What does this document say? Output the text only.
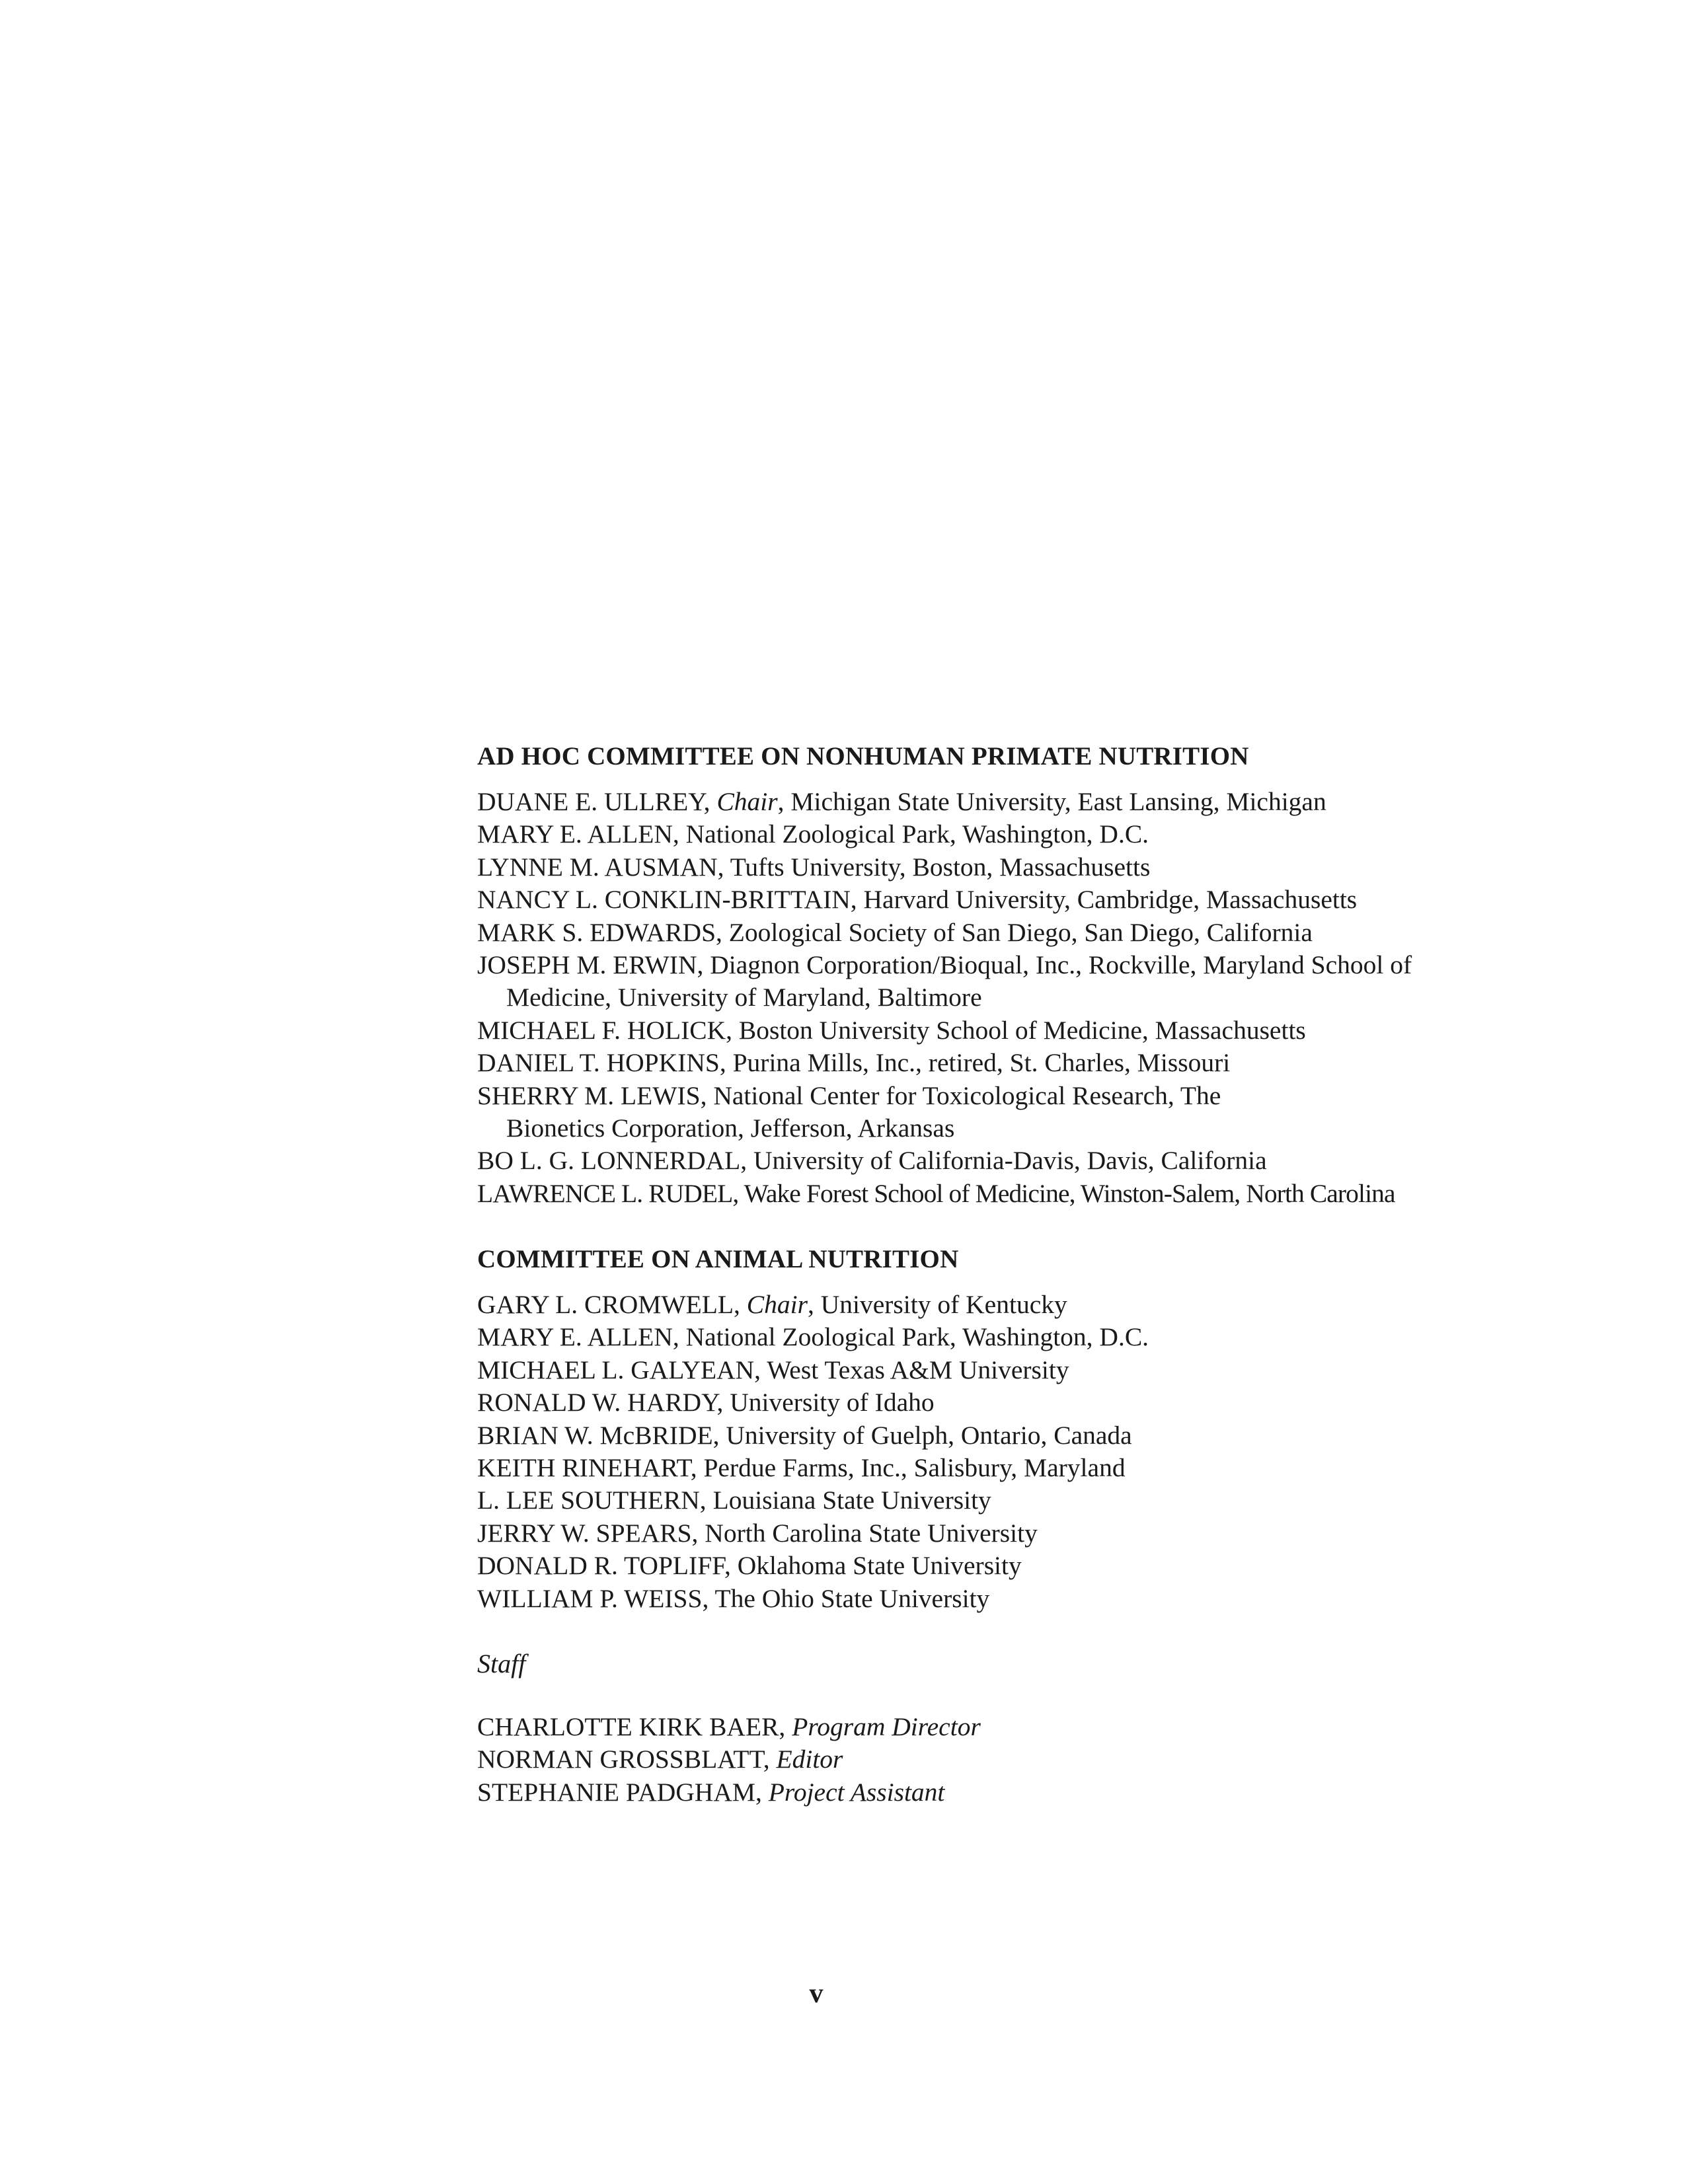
AD HOC COMMITTEE ON NONHUMAN PRIMATE NUTRITION
DUANE E. ULLREY, Chair, Michigan State University, East Lansing, Michigan
MARY E. ALLEN, National Zoological Park, Washington, D.C.
LYNNE M. AUSMAN, Tufts University, Boston, Massachusetts
NANCY L. CONKLIN-BRITTAIN, Harvard University, Cambridge, Massachusetts
MARK S. EDWARDS, Zoological Society of San Diego, San Diego, California
JOSEPH M. ERWIN, Diagnon Corporation/Bioqual, Inc., Rockville, Maryland School of Medicine, University of Maryland, Baltimore
MICHAEL F. HOLICK, Boston University School of Medicine, Massachusetts
DANIEL T. HOPKINS, Purina Mills, Inc., retired, St. Charles, Missouri
SHERRY M. LEWIS, National Center for Toxicological Research, The Bionetics Corporation, Jefferson, Arkansas
BO L. G. LONNERDAL, University of California-Davis, Davis, California
LAWRENCE L. RUDEL, Wake Forest School of Medicine, Winston-Salem, North Carolina
COMMITTEE ON ANIMAL NUTRITION
GARY L. CROMWELL, Chair, University of Kentucky
MARY E. ALLEN, National Zoological Park, Washington, D.C.
MICHAEL L. GALYEAN, West Texas A&M University
RONALD W. HARDY, University of Idaho
BRIAN W. McBRIDE, University of Guelph, Ontario, Canada
KEITH RINEHART, Perdue Farms, Inc., Salisbury, Maryland
L. LEE SOUTHERN, Louisiana State University
JERRY W. SPEARS, North Carolina State University
DONALD R. TOPLIFF, Oklahoma State University
WILLIAM P. WEISS, The Ohio State University
Staff
CHARLOTTE KIRK BAER, Program Director
NORMAN GROSSBLATT, Editor
STEPHANIE PADGHAM, Project Assistant
v
